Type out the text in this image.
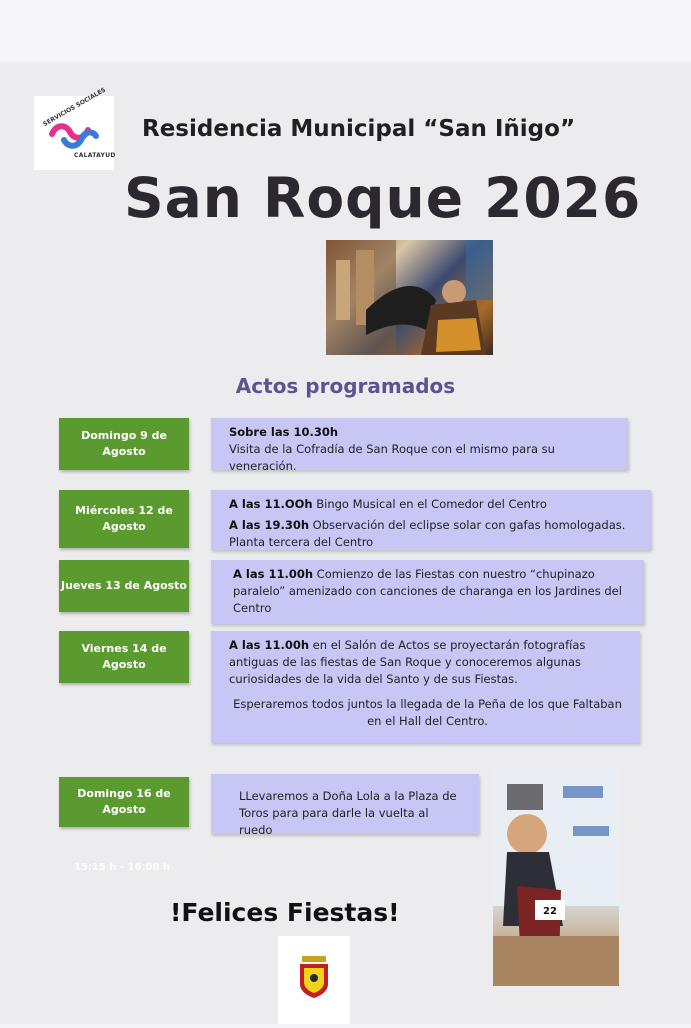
SERVICIOS SOCIALES
CALATAYUD
Residencia Municipal “San Iñigo”
San Roque 2026
Actos programados
Domingo 9 de Agosto

Sobre las 10.30h

Visita de la Cofradía de San Roque con el mismo para su veneración.

Miércoles 12 de Agosto

A las 11.OOh Bingo Musical en el Comedor del Centro

A las 19.30h Observación del eclipse solar con gafas homologadas. Planta tercera del Centro

Jueves 13 de Agosto

A las 11.00h Comienzo de las Fiestas con nuestro “chupinazo paralelo” amenizado con canciones de charanga en los Jardines del Centro

Viernes 14 de Agosto

A las 11.00h en el Salón de Actos se proyectarán fotografías antiguas de las fiestas de San Roque y conoceremos algunas curiosidades de la vida del Santo y de sus Fiestas.

Esperaremos todos juntos la llegada de la Peña de los que Faltaban en el Hall del Centro.

Domingo 16 de Agosto

LLevaremos a Doña Lola a la Plaza de Toros para para darle la vuelta al ruedo

15:15 h - 16:00 h
!Felices Fiestas!	22
